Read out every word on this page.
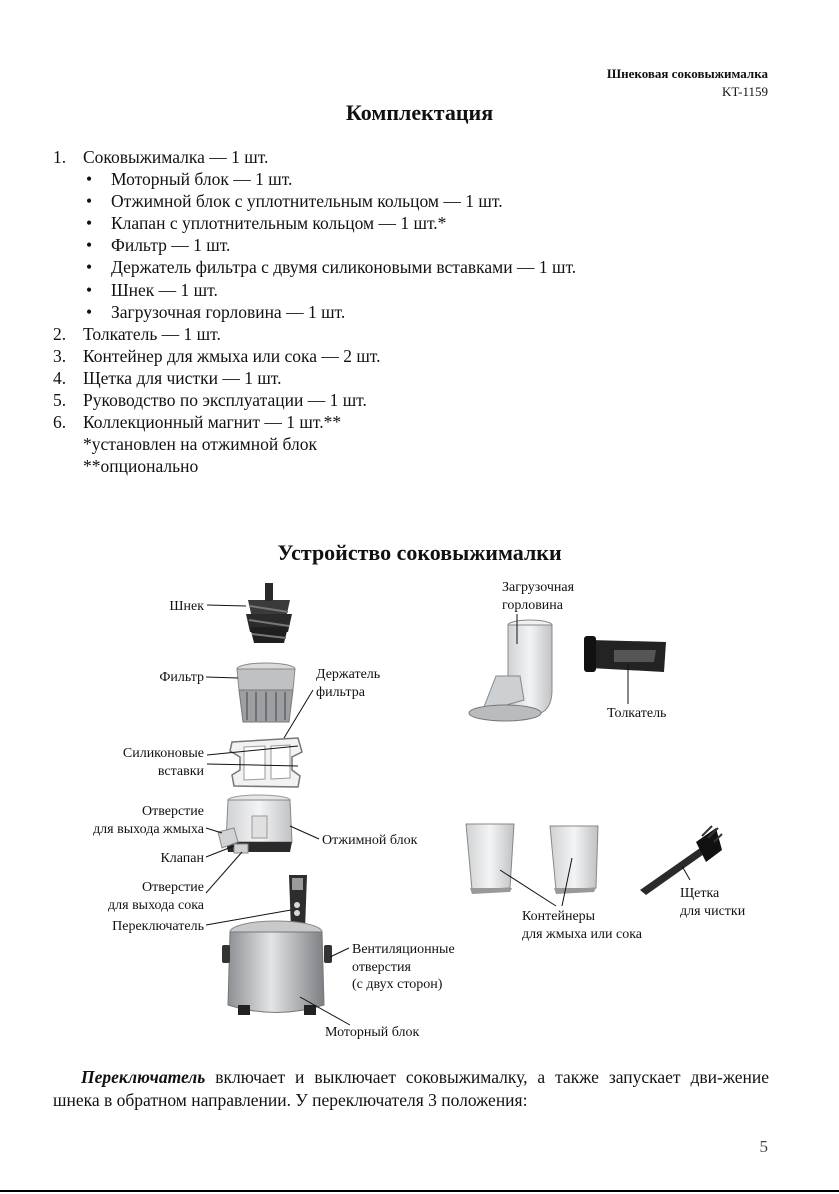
Шнековая соковыжималка
KT-1159
Комплектация
1. Соковыжималка — 1 шт.
• Моторный блок — 1 шт.
• Отжимной блок с уплотнительным кольцом — 1 шт.
• Клапан с уплотнительным кольцом — 1 шт.*
• Фильтр — 1 шт.
• Держатель фильтра с двумя силиконовыми вставками — 1 шт.
• Шнек — 1 шт.
• Загрузочная горловина — 1 шт.
2. Толкатель — 1 шт.
3. Контейнер для жмыха или сока — 2 шт.
4. Щетка для чистки — 1 шт.
5. Руководство по эксплуатации — 1 шт.
6. Коллекционный магнит — 1 шт.**
*установлен на отжимной блок
**опционально
Устройство соковыжималки
Шнек
Фильтр	Держатель
фильтра
Силиконовые
вставки
Отверстие
для выхода жмыха
Клапан
Отверстие
для выхода сока
Переключатель
Отжимной блок
Вентиляционные
отверстия
(с двух сторон)
Моторный блок
Загрузочная
горловина
Толкатель
Контейнеры
для жмыха или сока
Щетка
для чистки
Переключатель включает и выключает соковыжималку, а также запускает дви-жение шнека в обратном направлении. У переключателя 3 положения:
5
